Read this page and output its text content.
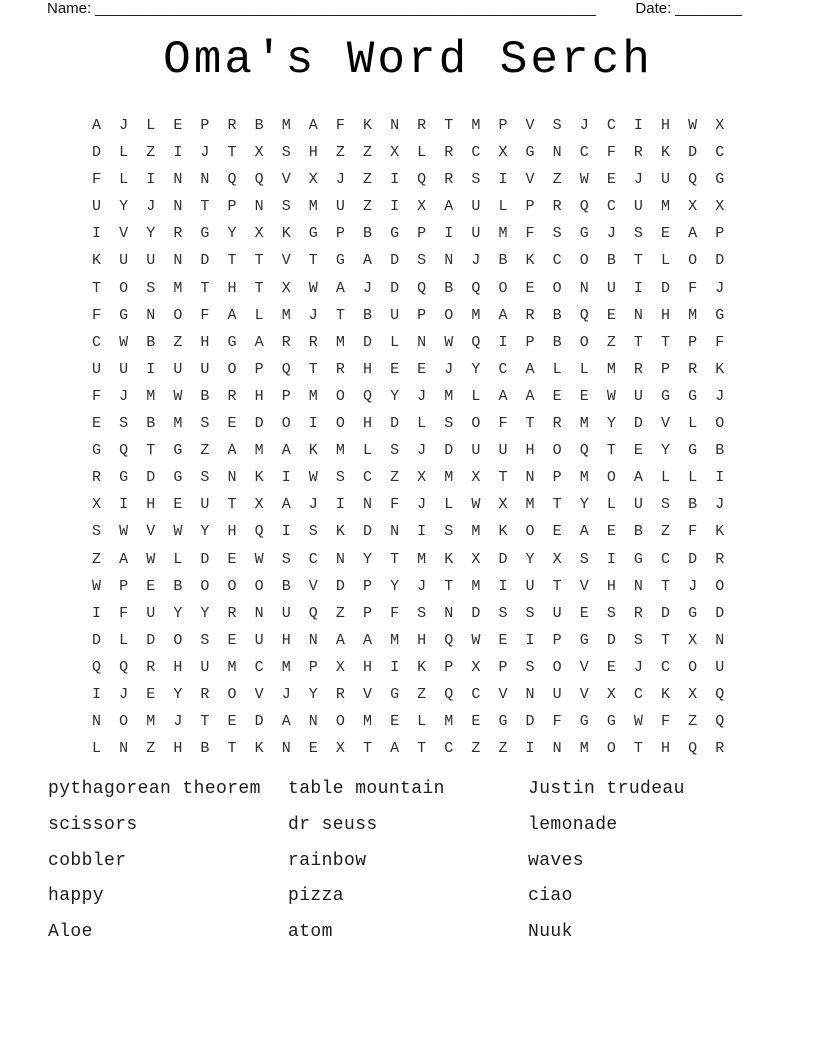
Name: ____________________________________________________________	Date: ________
Oma's Word Serch
A	J	L	E	P	R	B	M	A	F	K	N	R	T	M	P	V	S	J	C	I	H	W	X
D	L	Z	I	J	T	X	S	H	Z	Z	X	L	R	C	X	G	N	C	F	R	K	D	C
F	L	I	N	N	Q	Q	V	X	J	Z	I	Q	R	S	I	V	Z	W	E	J	U	Q	G
U	Y	J	N	T	P	N	S	M	U	Z	I	X	A	U	L	P	R	Q	C	U	M	X	X
I	V	Y	R	G	Y	X	K	G	P	B	G	P	I	U	M	F	S	G	J	S	E	A	P
K	U	U	N	D	T	T	V	T	G	A	D	S	N	J	B	K	C	O	B	T	L	O	D
T	O	S	M	T	H	T	X	W	A	J	D	Q	B	Q	O	E	O	N	U	I	D	F	J
F	G	N	O	F	A	L	M	J	T	B	U	P	O	M	A	R	B	Q	E	N	H	M	G
C	W	B	Z	H	G	A	R	R	M	D	L	N	W	Q	I	P	B	O	Z	T	T	P	F
U	U	I	U	U	O	P	Q	T	R	H	E	E	J	Y	C	A	L	L	M	R	P	R	K
F	J	M	W	B	R	H	P	M	O	Q	Y	J	M	L	A	A	E	E	W	U	G	G	J
E	S	B	M	S	E	D	O	I	O	H	D	L	S	O	F	T	R	M	Y	D	V	L	O
G	Q	T	G	Z	A	M	A	K	M	L	S	J	D	U	U	H	O	Q	T	E	Y	G	B
R	G	D	G	S	N	K	I	W	S	C	Z	X	M	X	T	N	P	M	O	A	L	L	I
X	I	H	E	U	T	X	A	J	I	N	F	J	L	W	X	M	T	Y	L	U	S	B	J
S	W	V	W	Y	H	Q	I	S	K	D	N	I	S	M	K	O	E	A	E	B	Z	F	K
Z	A	W	L	D	E	W	S	C	N	Y	T	M	K	X	D	Y	X	S	I	G	C	D	R
W	P	E	B	O	O	O	B	V	D	P	Y	J	T	M	I	U	T	V	H	N	T	J	O
I	F	U	Y	Y	R	N	U	Q	Z	P	F	S	N	D	S	S	U	E	S	R	D	G	D
D	L	D	O	S	E	U	H	N	A	A	M	H	Q	W	E	I	P	G	D	S	T	X	N
Q	Q	R	H	U	M	C	M	P	X	H	I	K	P	X	P	S	O	V	E	J	C	O	U
I	J	E	Y	R	O	V	J	Y	R	V	G	Z	Q	C	V	N	U	V	X	C	K	X	Q
N	O	M	J	T	E	D	A	N	O	M	E	L	M	E	G	D	F	G	G	W	F	Z	Q
L	N	Z	H	B	T	K	N	E	X	T	A	T	C	Z	Z	I	N	M	O	T	H	Q	R
pythagorean theorem
scissors
cobbler
happy
Aloe
table mountain
dr seuss
rainbow
pizza
atom
Justin trudeau
lemonade
waves
ciao
Nuuk
